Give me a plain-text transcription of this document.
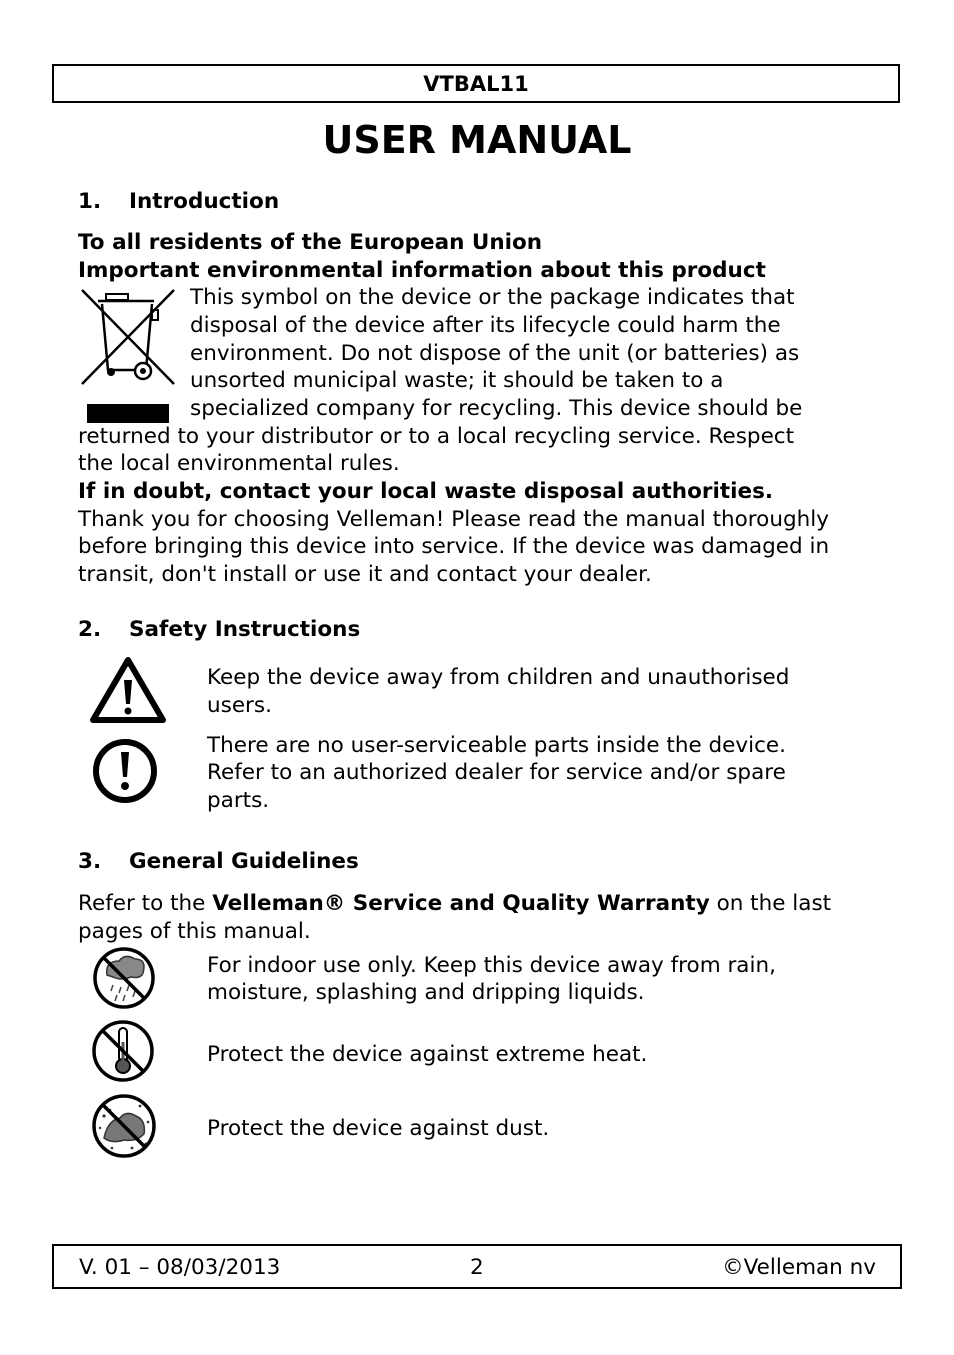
VTBAL11
USER MANUAL
1. Introduction
To all residents of the European Union
Important environmental information about this product
This symbol on the device or the package indicates that
disposal of the device after its lifecycle could harm the
environment. Do not dispose of the unit (or batteries) as
unsorted municipal waste; it should be taken to a
specialized company for recycling. This device should be
returned to your distributor or to a local recycling service. Respect
the local environmental rules.
If in doubt, contact your local waste disposal authorities.
Thank you for choosing Velleman! Please read the manual thoroughly
before bringing this device into service. If the device was damaged in
transit, don't install or use it and contact your dealer.
2. Safety Instructions
Keep the device away from children and unauthorised
users.
There are no user-serviceable parts inside the device.
Refer to an authorized dealer for service and/or spare
parts.
3. General Guidelines
Refer to the Velleman® Service and Quality Warranty on the last
pages of this manual.
For indoor use only. Keep this device away from rain,
moisture, splashing and dripping liquids.
Protect the device against extreme heat.
Protect the device against dust.
V. 01 – 08/03/2013	2	©Velleman nv
